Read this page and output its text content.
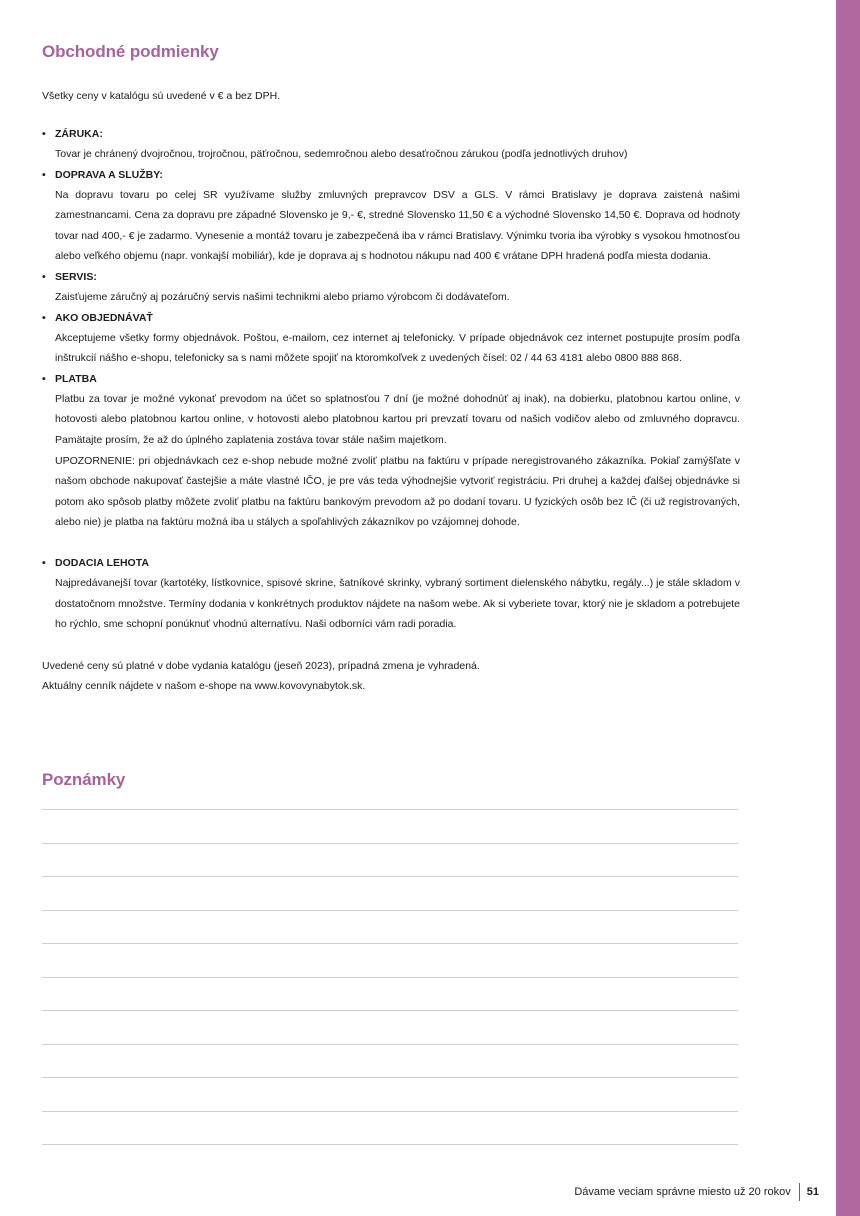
Obchodné podmienky
Všetky ceny v katalógu sú uvedené v € a bez DPH.
• ZÁRUKA:

Tovar je chránený dvojročnou, trojročnou, päťročnou, sedemročnou alebo desaťročnou zárukou (podľa jednotlivých druhov)

• DOPRAVA A SLUŽBY:

Na dopravu tovaru po celej SR využívame služby zmluvných prepravcov DSV a GLS. V rámci Bratislavy je doprava zaistená našimi zamestnancami. Cena za dopravu pre západné Slovensko je 9,- €, stredné Slovensko 11,50 € a východné Slovensko 14,50 €. Doprava od hodnoty tovar nad 400,- € je zadarmo. Vynesenie a montáž tovaru je zabezpečená iba v rámci Bratislavy. Výnimku tvoria iba výrobky s vysokou hmotnosťou alebo veľkého objemu (napr. vonkajší mobiliár), kde je doprava aj s hodnotou nákupu nad 400 € vrátane DPH hradená podľa miesta dodania.

• SERVIS:

Zaisťujeme záručný aj pozáručný servis našimi technikmi alebo priamo výrobcom či dodávateľom.

• AKO OBJEDNÁVAŤ

Akceptujeme všetky formy objednávok. Poštou, e-mailom, cez internet aj telefonicky. V prípade objednávok cez internet postupujte prosím podľa inštrukcií nášho e-shopu, telefonicky sa s nami môžete spojiť na ktoromkoľvek z uvedených čísel: 02 / 44 63 4181 alebo 0800 888 868.

• PLATBA

Platbu za tovar je možné vykonať prevodom na účet so splatnosťou 7 dní (je možné dohodnúť aj inak), na dobierku, platobnou kartou online, v hotovosti alebo platobnou kartou online, v hotovosti alebo platobnou kartou pri prevzatí tovaru od našich vodičov alebo od zmluvného dopravcu. Pamätajte prosím, že až do úplného zaplatenia zostáva tovar stále našim majetkom.

UPOZORNENIE: pri objednávkach cez e-shop nebude možné zvoliť platbu na faktúru v prípade neregistrovaného zákazníka. Pokiaľ zamýšľate v našom obchode nakupovať častejšie a máte vlastné IČO, je pre vás teda výhodnejšie vytvoriť registráciu. Pri druhej a každej ďalšej objednávke si potom ako spôsob platby môžete zvoliť platbu na faktúru bankovým prevodom až po dodaní tovaru. U fyzických osôb bez IČ (či už registrovaných, alebo nie) je platba na faktúru možná iba u stálych a spoľahlivých zákazníkov po vzájomnej dohode.

• DODACIA LEHOTA

Najpredávanejší tovar (kartotéky, lístkovnice, spisové skrine, šatníkové skrinky, vybraný sortiment dielenského nábytku, regály...) je stále skladom v dostatočnom množstve. Termíny dodania v konkrétnych produktov nájdete na našom webe. Ak si vyberiete tovar, ktorý nie je skladom a potrebujete ho rýchlo, sme schopní ponúknuť vhodnú alternatívu. Naši odborníci vám radi poradia.

Uvedené ceny sú platné v dobe vydania katalógu (jeseň 2023), prípadná zmena je vyhradená.
Aktuálny cenník nájdete v našom e-shope na www.kovovynabytok.sk.
Poznámky
Dávame veciam správne miesto už 20 rokov 51
